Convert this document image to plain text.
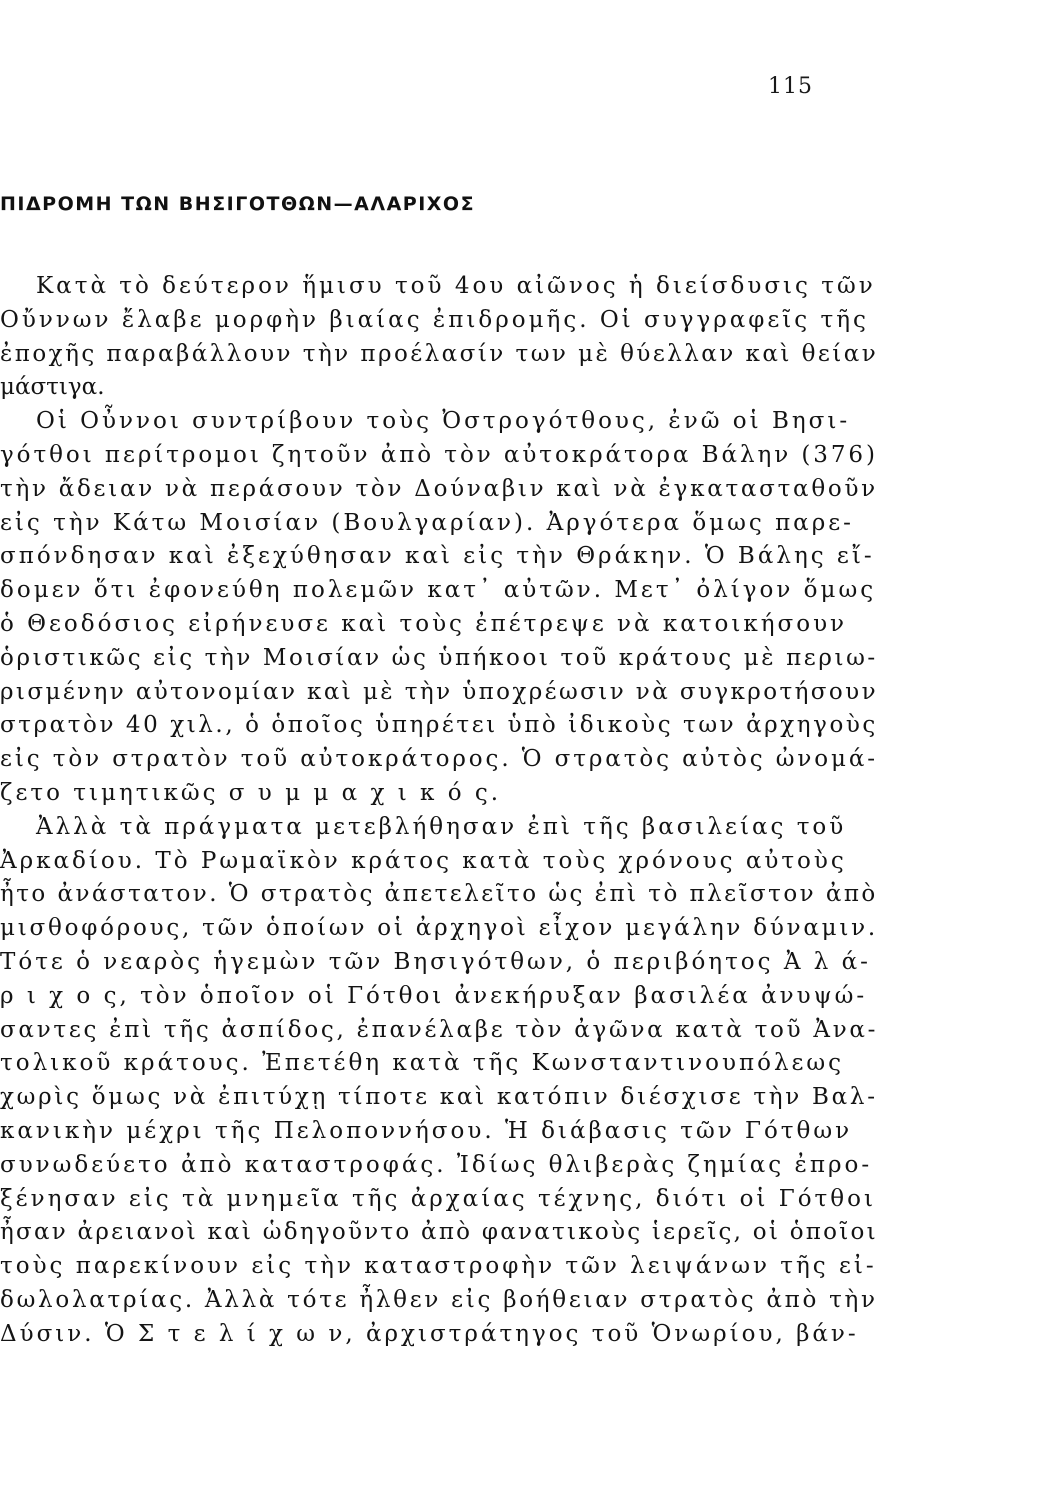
115
ΠΙΔΡΟΜΗ ΤΩΝ ΒΗΣΙΓΟΤΘΩΝ—ΑΛΑΡΙΧΟΣ
Κατὰ τὸ δεύτερον ἥμισυ τοῦ 4ου αἰῶνος ἡ διείσδυσις τῶν
Οὔννων ἔλαβε μορφὴν βιαίας ἐπιδρομῆς. Οἱ συγγραφεῖς τῆς
ἐποχῆς παραβάλλουν τὴν προέλασίν των μὲ θύελλαν καὶ θείαν
μάστιγα.
Οἱ Οὖννοι συντρίβουν τοὺς Ὀστρογότθους, ἐνῶ οἱ Βησι-
γότθοι περίτρομοι ζητοῦν ἀπὸ τὸν αὐτοκράτορα Βάλην (376)
τὴν ἄδειαν νὰ περάσουν τὸν Δούναβιν καὶ νὰ ἐγκατασταθοῦν
εἰς τὴν Κάτω Μοισίαν (Βουλγαρίαν). Ἀργότερα ὅμως παρε-
σπόνδησαν καὶ ἐξεχύθησαν καὶ εἰς τὴν Θράκην. Ὁ Βάλης εἴ-
δομεν ὅτι ἐφονεύθη πολεμῶν κατ᾿ αὐτῶν. Μετ᾿ ὀλίγον ὅμως
ὁ Θεοδόσιος εἰρήνευσε καὶ τοὺς ἐπέτρεψε νὰ κατοικήσουν
ὁριστικῶς εἰς τὴν Μοισίαν ὡς ὑπήκοοι τοῦ κράτους μὲ περιω-
ρισμένην αὐτονομίαν καὶ μὲ τὴν ὑποχρέωσιν νὰ συγκροτήσουν
στρατὸν 40 χιλ., ὁ ὁποῖος ὑπηρέτει ὑπὸ ἰδικοὺς των ἀρχηγοὺς
εἰς τὸν στρατὸν τοῦ αὐτοκράτορος. Ὁ στρατὸς αὐτὸς ὠνομά-
ζετο τιμητικῶς σ υ μ μ α χ ι κ ό ς.
Ἀλλὰ τὰ πράγματα μετεβλήθησαν ἐπὶ τῆς βασιλείας τοῦ
Ἀρκαδίου. Τὸ Ρωμαϊκὸν κράτος κατὰ τοὺς χρόνους αὐτοὺς
ἦτο ἀνάστατον. Ὁ στρατὸς ἀπετελεῖτο ὡς ἐπὶ τὸ πλεῖστον ἀπὸ
μισθοφόρους, τῶν ὁποίων οἱ ἀρχηγοὶ εἶχον μεγάλην δύναμιν.
Τότε ὁ νεαρὸς ἡγεμὼν τῶν Βησιγότθων, ὁ περιβόητος Ἀ λ ά-
ρ ι χ ο ς, τὸν ὁποῖον οἱ Γότθοι ἀνεκήρυξαν βασιλέα ἀνυψώ-
σαντες ἐπὶ τῆς ἀσπίδος, ἐπανέλαβε τὸν ἀγῶνα κατὰ τοῦ Ἀνα-
τολικοῦ κράτους. Ἐπετέθη κατὰ τῆς Κωνσταντινουπόλεως
χωρὶς ὅμως νὰ ἐπιτύχῃ τίποτε καὶ κατόπιν διέσχισε τὴν Βαλ-
κανικὴν μέχρι τῆς Πελοποννήσου. Ἡ διάβασις τῶν Γότθων
συνωδεύετο ἀπὸ καταστροφάς. Ἰδίως θλιβερὰς ζημίας ἐπρο-
ξένησαν εἰς τὰ μνημεῖα τῆς ἀρχαίας τέχνης, διότι οἱ Γότθοι
ἦσαν ἀρειανοὶ καὶ ὡδηγοῦντο ἀπὸ φανατικοὺς ἱερεῖς, οἱ ὁποῖοι
τοὺς παρεκίνουν εἰς τὴν καταστροφὴν τῶν λειψάνων τῆς εἰ-
δωλολατρίας. Ἀλλὰ τότε ἦλθεν εἰς βοήθειαν στρατὸς ἀπὸ τὴν
Δύσιν. Ὁ Σ τ ε λ ί χ ω ν, ἀρχιστράτηγος τοῦ Ὁνωρίου, βάν-
